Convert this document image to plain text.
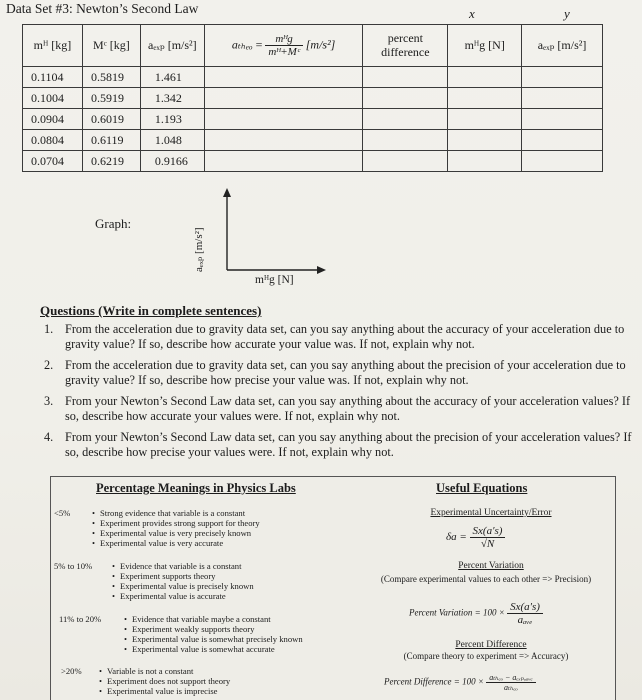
Data Set #3: Newton’s Second Law	x	y
mᴴ [kg]	Mᶜ [kg]	aₑₓₚ [m/s²]	$a_{theo} = \frac{\text{mᴴg}}{\text{mᴴ+Mᶜ}} [m/s^2]$	percent difference	mᴴg [N]	aₑₓₚ [m/s²]
0.1104	0.5819	1.461				
0.1004	0.5919	1.342				
0.0904	0.6019	1.193				
0.0804	0.6119	1.048				
0.0704	0.6219	0.9166				
Graph:
aₑₓₚ [m/s²]
mᴴg [N]
Questions (Write in complete sentences)
1. From the acceleration due to gravity data set, can you say anything about the accuracy of your acceleration due to gravity value? If so, describe how accurate your value was. If not, explain why not.
2. From the acceleration due to gravity data set, can you say anything about the precision of your acceleration due to gravity value? If so, describe how precise your value was. If not, explain why not.
3. From your Newton’s Second Law data set, can you say anything about the accuracy of your acceleration values? If so, describe how accurate your values were. If not, explain why not.
4. From your Newton’s Second Law data set, can you say anything about the precision of your acceleration values? If so, describe how precise your values were. If not, explain why not.
Percentage Meanings in Physics Labs	Useful Equations
<5%	• Strong evidence that variable is a constant
• Experiment provides strong support for theory
• Experimental value is very precisely known
• Experimental value is very accurate
5% to 10%	• Evidence that variable is a constant
• Experiment supports theory
• Experimental value is precisely known
• Experimental value is accurate
11% to 20%	• Evidence that variable maybe a constant
• Experiment weakly supports theory
• Experimental value is somewhat precisely known
• Experimental value is somewhat accurate
>20%	• Variable is not a constant
• Experiment does not support theory
• Experimental value is imprecise
Experimental Uncertainty/Error
$\delta a = \frac{Sx(a's)}{√N}$
Percent Variation
(Compare experimental values to each other => Precision)
Percent Variation = $100 \times \frac{Sx(a's)}{\text{aₐᵥₑ}}$
Percent Difference
(Compare theory to experiment => Accuracy)
Percent Difference = $100 \times \frac{\text{aₜₕₑₒ − aₑₓₚ,ₐᵥₑ}}{\text{aₜₕₑₒ}}$
